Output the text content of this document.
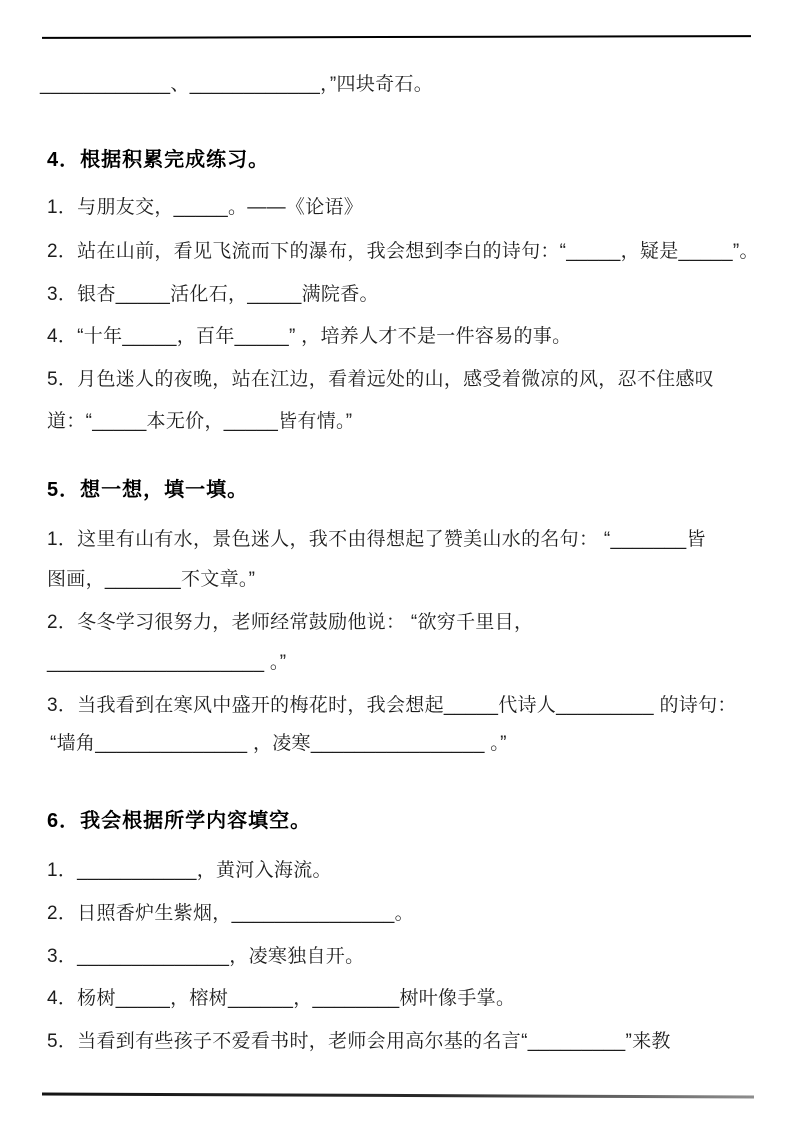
____________、____________，”四块奇石。
4．根据积累完成练习。
1．与朋友交，_____。——《论语》
2．站在山前，看见飞流而下的瀑布，我会想到李白的诗句：“_____，疑是_____”。
3．银杏_____活化石，_____满院香。
4．“十年_____，百年_____” ，培养人才不是一件容易的事。
5．月色迷人的夜晚，站在江边，看着远处的山，感受着微凉的风，忍不住感叹
道：“_____本无价，_____皆有情。”
5．想一想，填一填。
1．这里有山有水，景色迷人，我不由得想起了赞美山水的名句： “_______皆
图画，_______不文章。”
2．冬冬学习很努力，老师经常鼓励他说： “欲穷千里目，
____________________ 。”
3．当我看到在寒风中盛开的梅花时，我会想起_____代诗人_________ 的诗句：
“墙角______________ ，凌寒________________ 。”
6．我会根据所学内容填空。
1．___________，黄河入海流。
2．日照香炉生紫烟，_______________。
3．______________，凌寒独自开。
4．杨树_____，榕树______，________树叶像手掌。
5．当看到有些孩子不爱看书时，老师会用高尔基的名言“_________”来教
